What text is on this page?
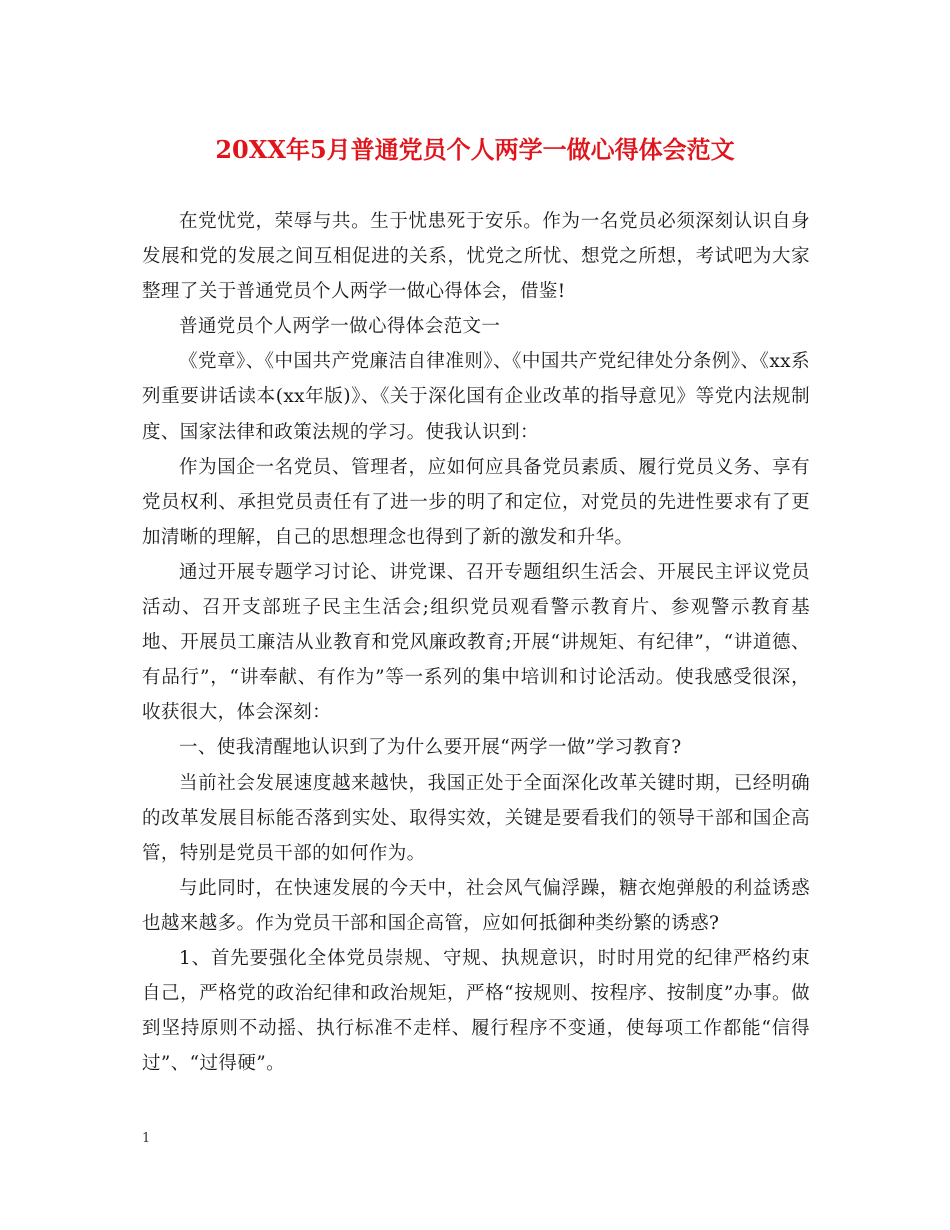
20XX年5月普通党员个人两学一做心得体会范文

在党忧党，荣辱与共。生于忧患死于安乐。作为一名党员必须深刻认识自身发展和党的发展之间互相促进的关系，忧党之所忧、想党之所想，考试吧为大家整理了关于普通党员个人两学一做心得体会，借鉴!

普通党员个人两学一做心得体会范文一

《党章》、《中国共产党廉洁自律准则》、《中国共产党纪律处分条例》、《xx系列重要讲话读本(xx年版)》、《关于深化国有企业改革的指导意见》等党内法规制度、国家法律和政策法规的学习。使我认识到：

作为国企一名党员、管理者，应如何应具备党员素质、履行党员义务、享有党员权利、承担党员责任有了进一步的明了和定位，对党员的先进性要求有了更加清晰的理解，自己的思想理念也得到了新的激发和升华。

通过开展专题学习讨论、讲党课、召开专题组织生活会、开展民主评议党员活动、召开支部班子民主生活会;组织党员观看警示教育片、参观警示教育基地、开展员工廉洁从业教育和党风廉政教育;开展“讲规矩、有纪律”，“讲道德、有品行”，“讲奉献、有作为”等一系列的集中培训和讨论活动。使我感受很深，收获很大，体会深刻：

一、使我清醒地认识到了为什么要开展“两学一做”学习教育?

当前社会发展速度越来越快，我国正处于全面深化改革关键时期，已经明确的改革发展目标能否落到实处、取得实效，关键是要看我们的领导干部和国企高管，特别是党员干部的如何作为。

与此同时，在快速发展的今天中，社会风气偏浮躁，糖衣炮弹般的利益诱惑也越来越多。作为党员干部和国企高管，应如何抵御种类纷繁的诱惑?

1、首先要强化全体党员崇规、守规、执规意识，时时用党的纪律严格约束自己，严格党的政治纪律和政治规矩，严格“按规则、按程序、按制度”办事。做到坚持原则不动摇、执行标准不走样、履行程序不变通，使每项工作都能“信得过”、“过得硬”。

1
